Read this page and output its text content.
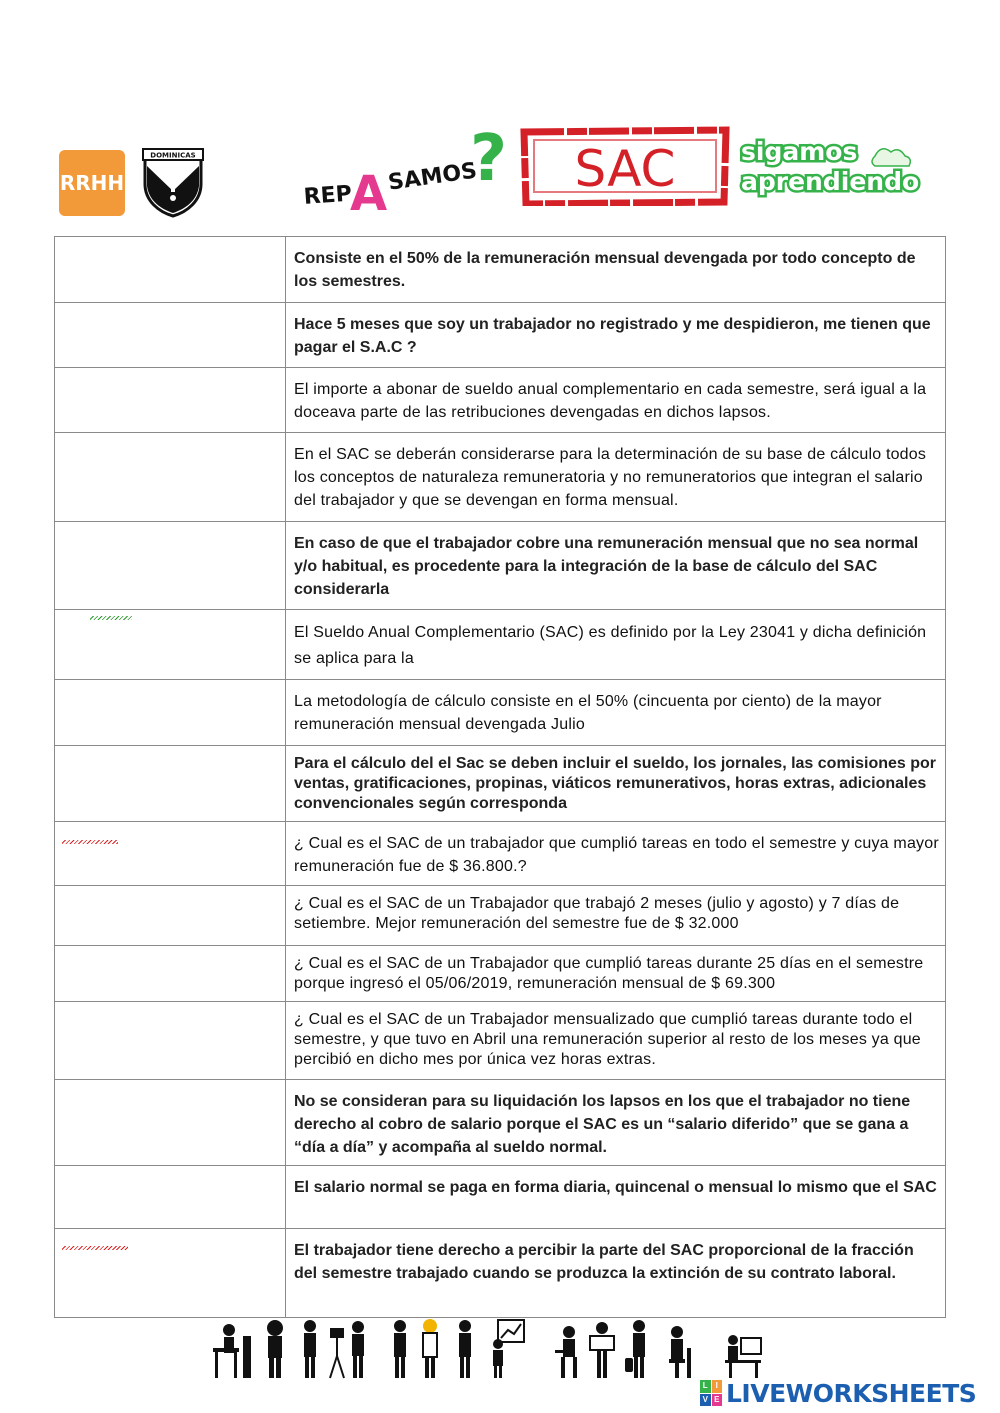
RRHH
DOMINICAS
REP
A SAMOS
? SAC	sigamos
aprendiendo
Consiste en el 50% de la remuneración mensual devengada por todo concepto de los semestres.
Hace 5 meses que soy un trabajador no registrado y me despidieron, me tienen que pagar el S.A.C ?
El importe a abonar de sueldo anual complementario en cada semestre, será igual a la doceava parte de las retribuciones devengadas en dichos lapsos.
En el SAC se deberán considerarse para la determinación de su base de cálculo todos los conceptos de naturaleza remuneratoria y no remuneratorios que integran el salario del trabajador y que se devengan en forma mensual.
En caso de que el trabajador cobre una remuneración mensual que no sea normal y/o habitual, es procedente para la integración de la base de cálculo del SAC considerarla
El Sueldo Anual Complementario (SAC) es definido por la Ley 23041 y dicha definición se aplica para la
La metodología de cálculo consiste en el 50% (cincuenta por ciento) de la mayor remuneración mensual devengada Julio
Para el cálculo del el Sac se deben incluir el sueldo, los jornales, las comisiones por ventas, gratificaciones, propinas, viáticos remunerativos, horas extras, adicionales convencionales según corresponda
¿ Cual es el SAC de un trabajador que cumplió tareas en todo el semestre y cuya mayor remuneración fue de $ 36.800.?
¿ Cual es el SAC de un Trabajador que trabajó 2 meses (julio y agosto) y 7 días de setiembre. Mejor remuneración del semestre fue de $ 32.000
¿ Cual es el SAC de un Trabajador que cumplió tareas durante 25 días en el semestre porque ingresó el 05/06/2019, remuneración mensual de $ 69.300
¿ Cual es el SAC de un Trabajador mensualizado que cumplió tareas durante todo el semestre, y que tuvo en Abril una remuneración superior al resto de los meses ya que percibió en dicho mes por única vez horas extras.
No se consideran para su liquidación los lapsos en los que el trabajador no tiene derecho al cobro de salario porque el SAC es un “salario diferido” que se gana a “día a día” y acompaña al sueldo normal.
El salario normal se paga en forma diaria, quincenal o mensual lo mismo que el SAC
El trabajador tiene derecho a percibir la parte del SAC proporcional de la fracción del semestre trabajado cuando se produzca la extinción de su contrato laboral.
L I
V E LIVEWORKSHEETS
